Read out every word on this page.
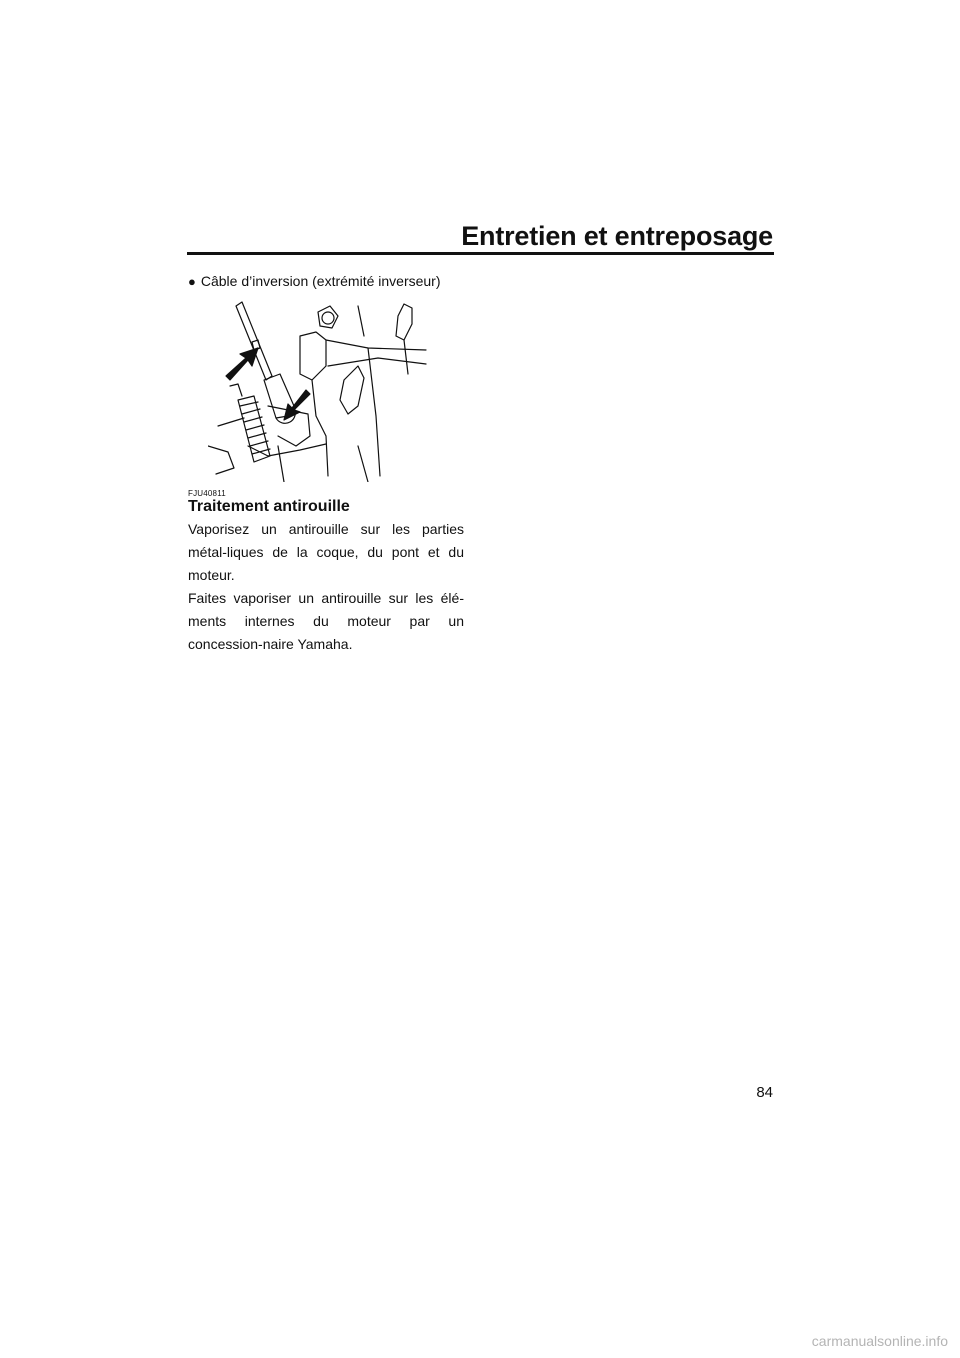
Entretien et entreposage
● Câble d’inversion (extrémité inverseur)
FJU40811
Traitement antirouille

Vaporisez un antirouille sur les parties métal-liques de la coque, du pont et du moteur.

Faites vaporiser un antirouille sur les élé-ments internes du moteur par un concession-naire Yamaha.

84
carmanualsonline.info
